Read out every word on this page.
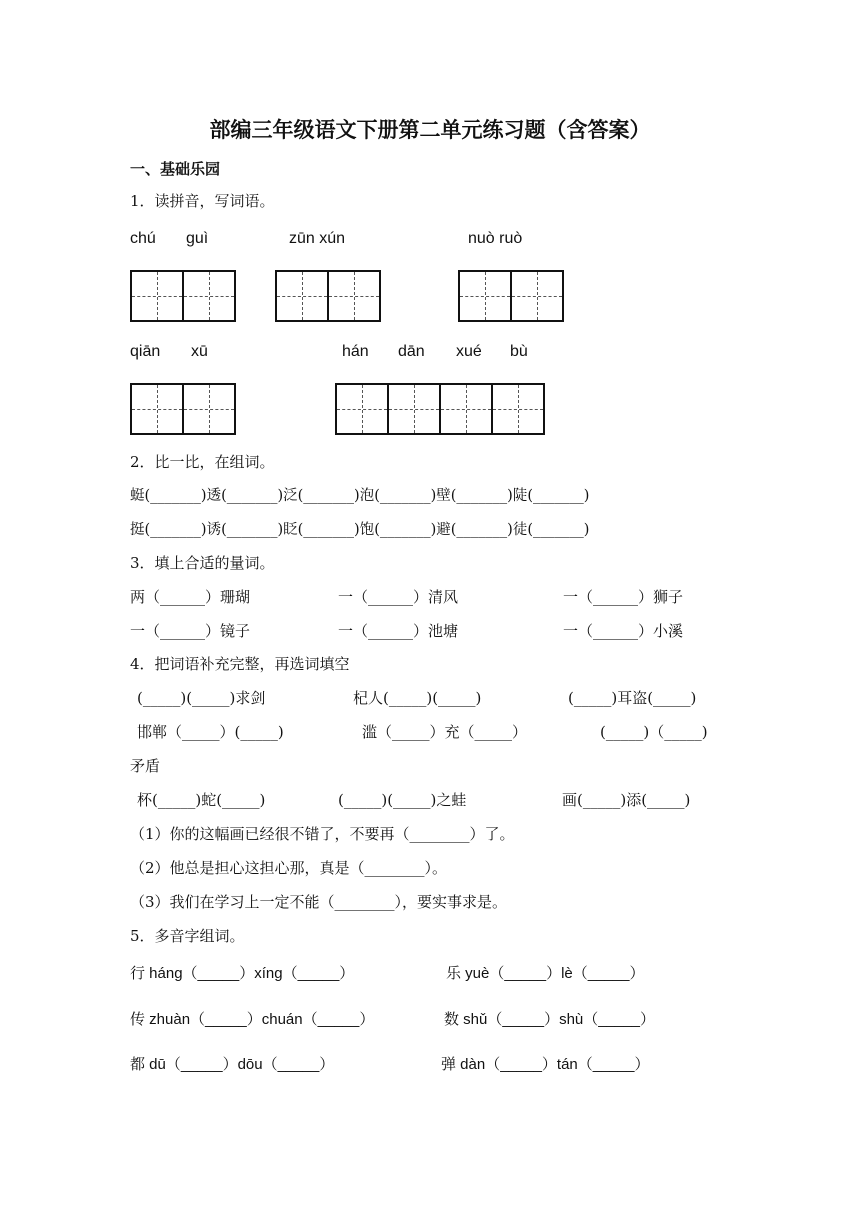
部编三年级语文下册第二单元练习题（含答案）
一、基础乐园
1．读拼音，写词语。
chú guì	zūn xún	nuò ruò
qiān xū	hán dān xué bù
2．比一比，在组词。
蜓(_______)透(_______)泛(_______)泡(_______)壁(_______)陡(_______)
挺(_______)诱(_______)眨(_______)饱(_______)避(_______)徒(_______)
3．填上合适的量词。
两（______）珊瑚	一（______）清风	一（______）狮子
一（______）镜子	一（______）池塘	一（______）小溪
4．把词语补充完整，再选词填空
(_____)(_____)求剑	杞人(_____)(_____)	(_____)耳盗(_____)
邯郸（_____）(_____)	滥（_____）充（_____）	(_____)（_____)
矛盾
杯(_____)蛇(_____)	(_____)(_____)之蛙	画(_____)添(_____)
（1）你的这幅画已经很不错了，不要再（________）了。
（2）他总是担心这担心那，真是（________）。
（3）我们在学习上一定不能（________），要实事求是。
5．多音字组词。
行 háng（_____）xíng（_____）	乐 yuè（_____）lè（_____）
传 zhuàn（_____）chuán（_____）	数 shǔ（_____）shù（_____）
都 dū（_____）dōu（_____）	弹 dàn（_____）tán（_____）
